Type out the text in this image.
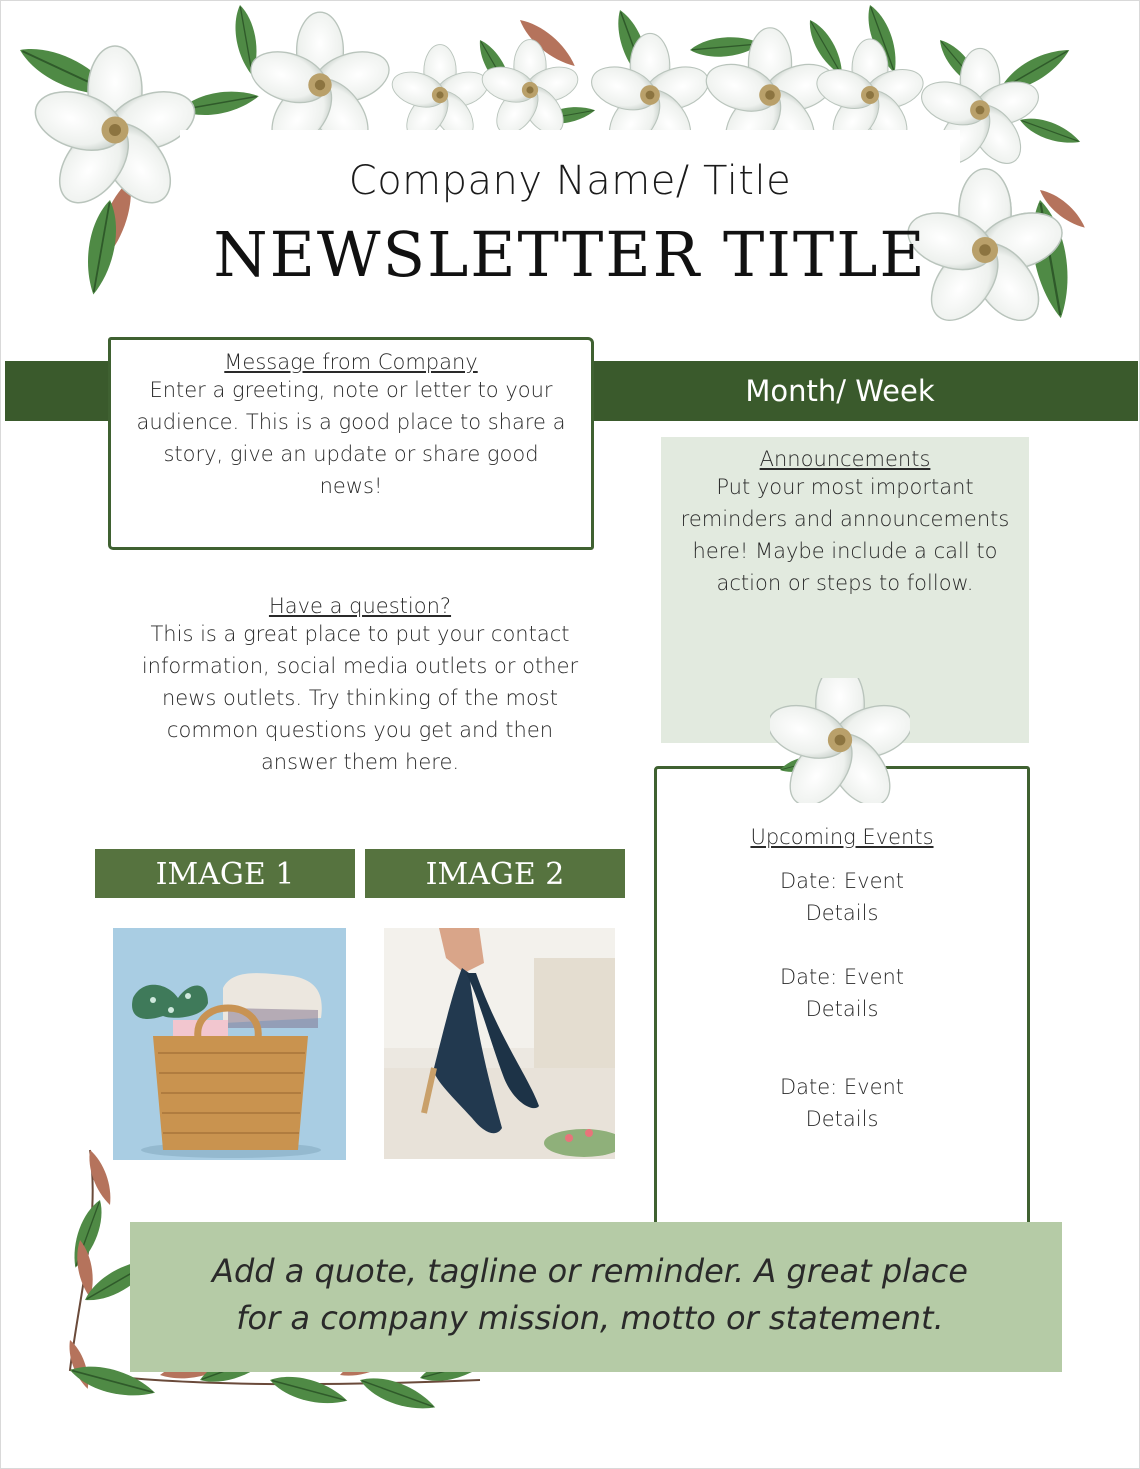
Company Name/ Title
NEWSLETTER TITLE
Month/ Week
Message from Company
Enter a greeting, note or letter to your audience. This is a good place to share a story, give an update or share good news!
Have a question?
This is a great place to put your contact information, social media outlets or other news outlets. Try thinking of the most common questions you get and then answer them here.
Announcements
Put your most important reminders and announcements here! Maybe include a call to action or steps to follow.
Upcoming Events
Date: Event
Details
Date: Event
Details
Date: Event
Details
IMAGE 1	IMAGE 2
Add a quote, tagline or reminder. A great place
for a company mission, motto or statement.
